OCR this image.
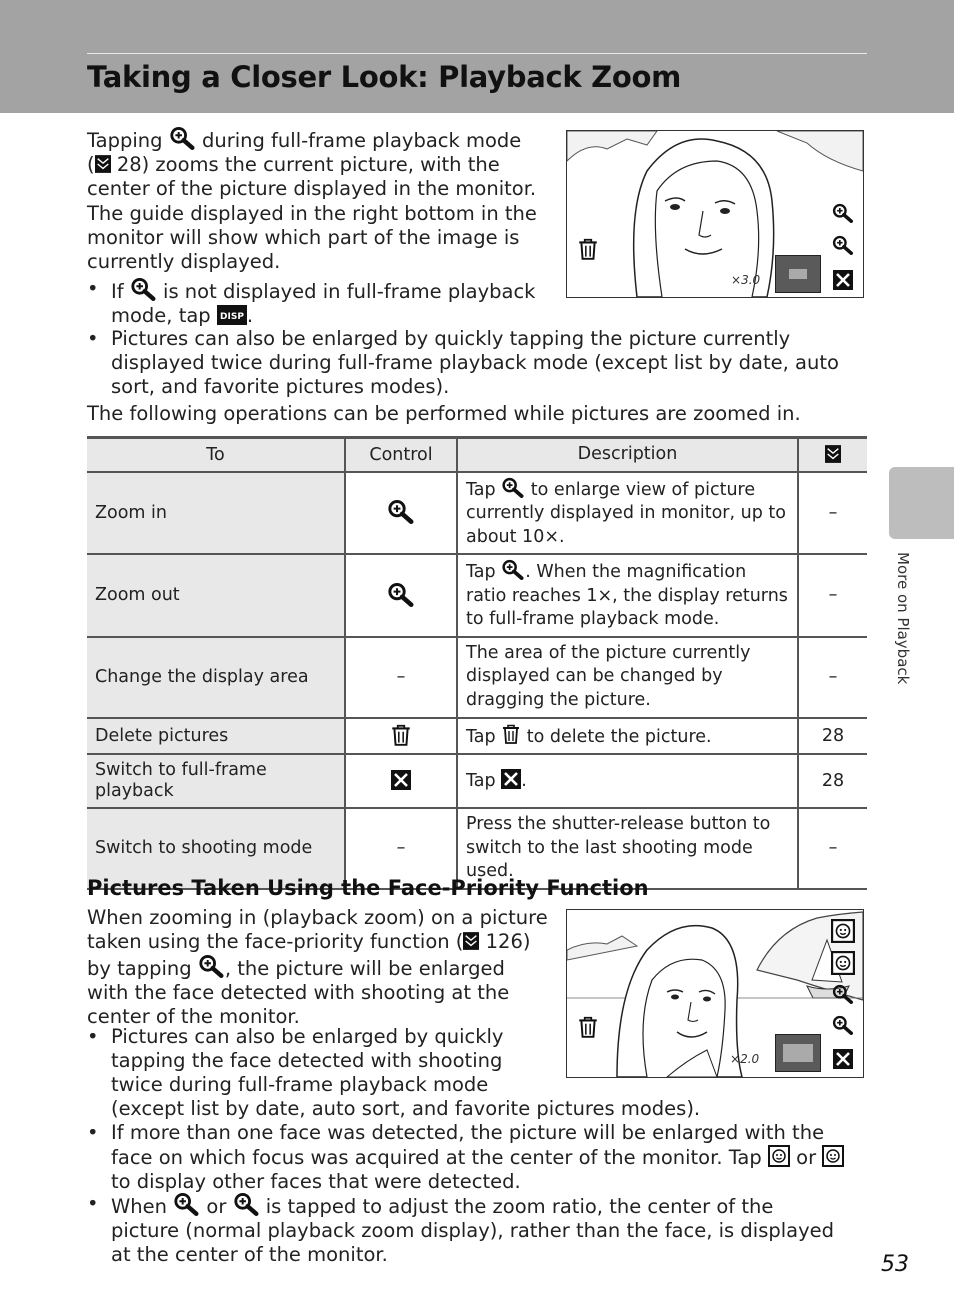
Taking a Closer Look: Playback Zoom
More on Playback
Tapping during full-frame playback mode
( 28) zooms the current picture, with the
center of the picture displayed in the monitor.
The guide displayed in the right bottom in the monitor will show which part of the image is currently displayed.
• If is not displayed in full-frame playback
mode, tap .
• Pictures can also be enlarged by quickly tapping the picture currently displayed twice during full-frame playback mode (except list by date, auto sort, and favorite pictures modes).
The following operations can be performed while pictures are zoomed in.
×3.0
To	Control	Description	
Zoom in		Tap to enlarge view of picture currently displayed in monitor, up to about 10×.	–
Zoom out		Tap . When the magnification ratio reaches 1×, the display returns to full-frame playback mode.	–
Change the display area	–	The area of the picture currently displayed can be changed by dragging the picture.	–
Delete pictures		Tap to delete the picture.	28
Switch to full-frame playback		Tap .	28
Switch to shooting mode	–	Press the shutter-release button to switch to the last shooting mode used.	–
Pictures Taken Using the Face-Priority Function
When zooming in (playback zoom) on a picture
taken using the face-priority function ( 126)
by tapping , the picture will be enlarged
with the face detected with shooting at the
center of the monitor.
• Pictures can also be enlarged by quickly
tapping the face detected with shooting
twice during full-frame playback mode
(except list by date, auto sort, and favorite pictures modes).
• If more than one face was detected, the picture will be enlarged with the face on which focus was acquired at the center of the monitor. Tap or  to display other faces that were detected.
• When or is tapped to adjust the zoom ratio, the center of the picture (normal playback zoom display), rather than the face, is displayed at the center of the monitor.
×2.0
53
